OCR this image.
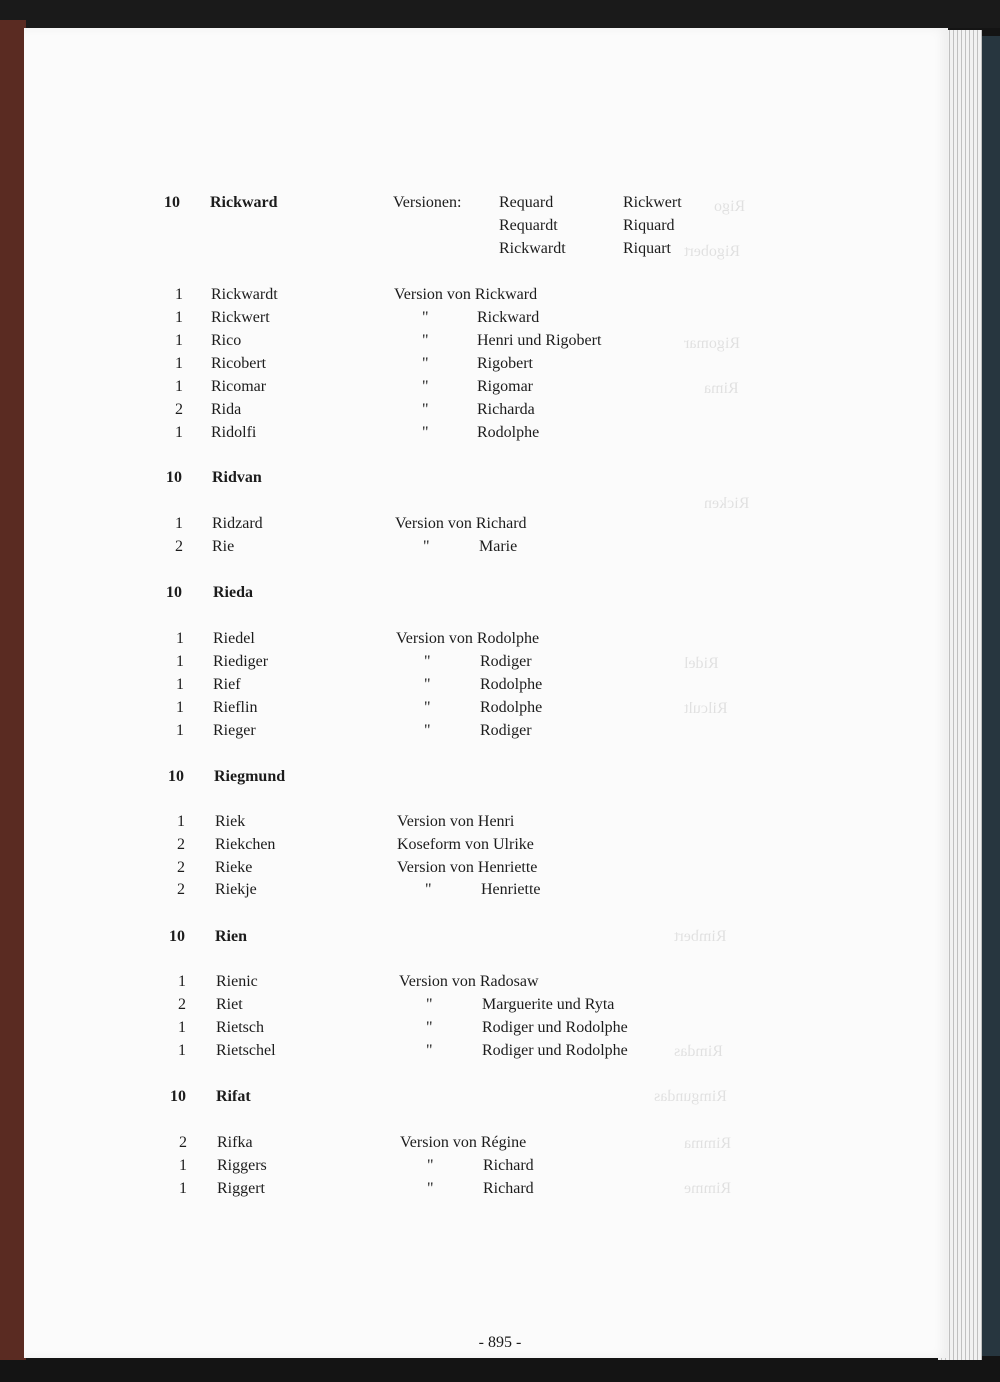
Rigo
Rigobert
Rigomar
Rima
Ricken
Ridel
Rilcult
Rimbert
Rimdas
Rimgundas
Rimma
Rimme
10 Rickward	Versionen: Requard	Rickwert
Requardt	Riquard
Rickwardt	Riquart
1 Rickwardt	Version von Rickward
1 Rickwert	"	Rickward
1 Rico	"	Henri und Rigobert
1 Ricobert	"	Rigobert
1 Ricomar	"	Rigomar
2 Rida	"	Richarda
1 Ridolfi	"	Rodolphe
10 Ridvan
1 Ridzard	Version von Richard
2 Rie	"	Marie
10 Rieda
1 Riedel	Version von Rodolphe
1 Riediger	"	Rodiger
1 Rief	"	Rodolphe
1 Rieflin	"	Rodolphe
1 Rieger	"	Rodiger
10 Riegmund
1 Riek	Version von Henri
2 Riekchen	Koseform von Ulrike
2 Rieke	Version von Henriette
2 Riekje	"	Henriette
10 Rien
1 Rienic	Version von Radosaw
2 Riet	"	Marguerite und Ryta
1 Rietsch	"	Rodiger und Rodolphe
1 Rietschel	"	Rodiger und Rodolphe
10 Rifat
2 Rifka	Version von Régine
1 Riggers	"	Richard
1 Riggert	"	Richard
- 895 -
